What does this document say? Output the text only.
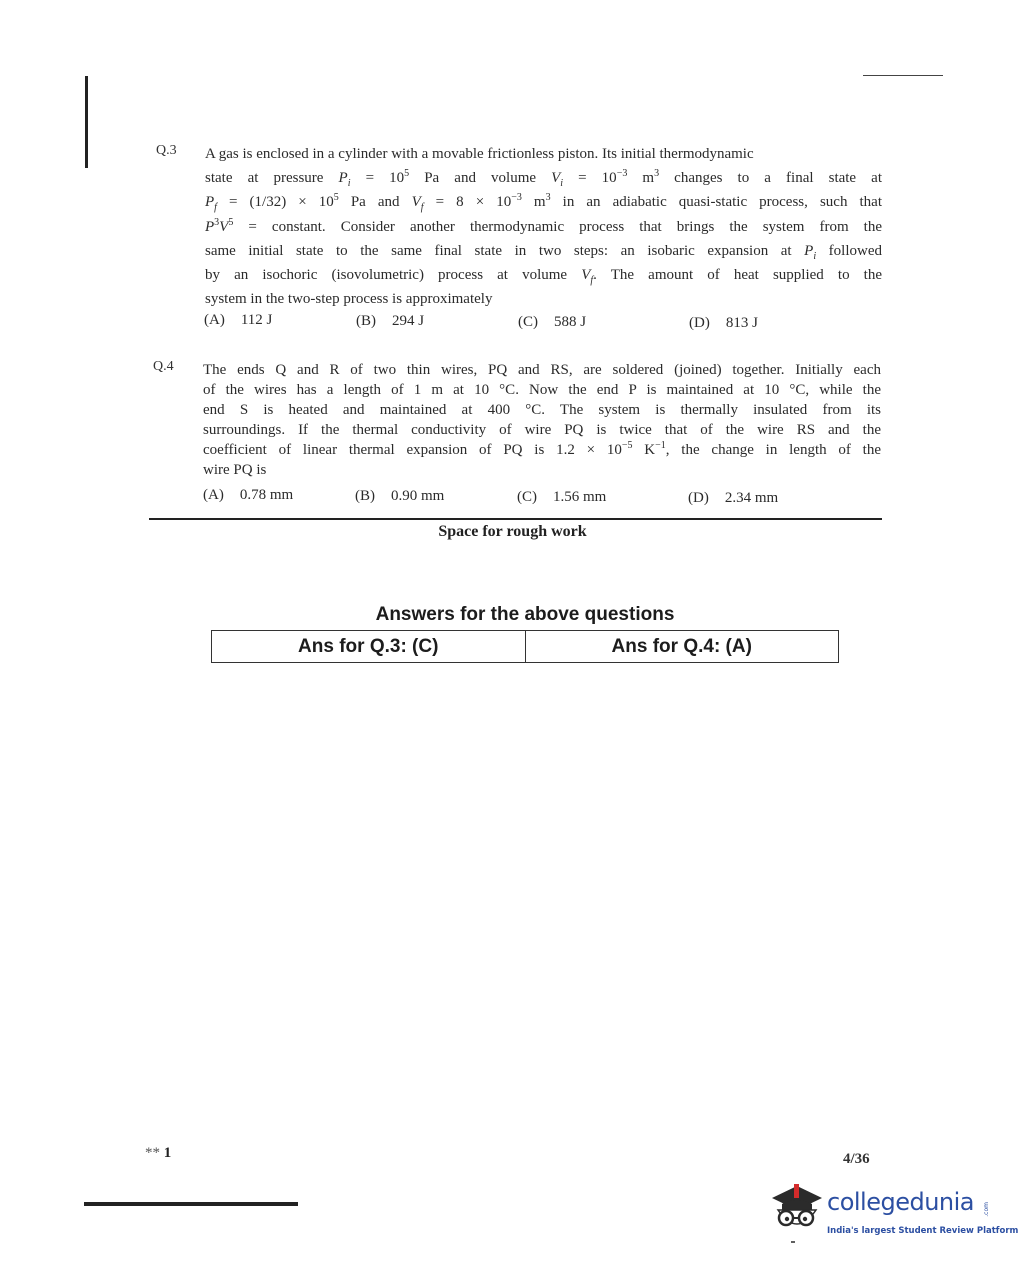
Q.3 A gas is enclosed in a cylinder with a movable frictionless piston. Its initial thermodynamic
state at pressure $P_i = 10^5$ Pa and volume $V_i = 10^{-3}$ $m^3$ changes to a final state at
$P_f = (1/32) \times 10^5$ Pa and $V_f = 8 \times 10^{-3}$ $m^3$ in an adiabatic quasi-static process, such that
$P^3V^5$ = constant. Consider another thermodynamic process that brings the system from the
same initial state to the same final state in two steps: an isobaric expansion at $P_i$ followed
by an isochoric (isovolumetric) process at volume $V_f$. The amount of heat supplied to the
system in the two-step process is approximately
(A) 112 J	(B) 294 J	(C) 588 J	(D) 813 J
Q.4 The ends Q and R of two thin wires, PQ and RS, are soldered (joined) together. Initially each
of the wires has a length of 1 m at 10 °C. Now the end P is maintained at 10 °C, while the
end S is heated and maintained at 400 °C. The system is thermally insulated from its
surroundings. If the thermal conductivity of wire PQ is twice that of the wire RS and the
coefficient of linear thermal expansion of PQ is $1.2 \times 10^{-5}$ $K^{-1}$, the change in length of the
wire PQ is
(A) 0.78 mm	(B) 0.90 mm	(C) 1.56 mm	(D) 2.34 mm
Space for rough work
Answers for the above questions
Ans for Q.3: (C)	Ans for Q.4: (A)
** 1	4/36
collegedunia .com
India's largest Student Review Platform
